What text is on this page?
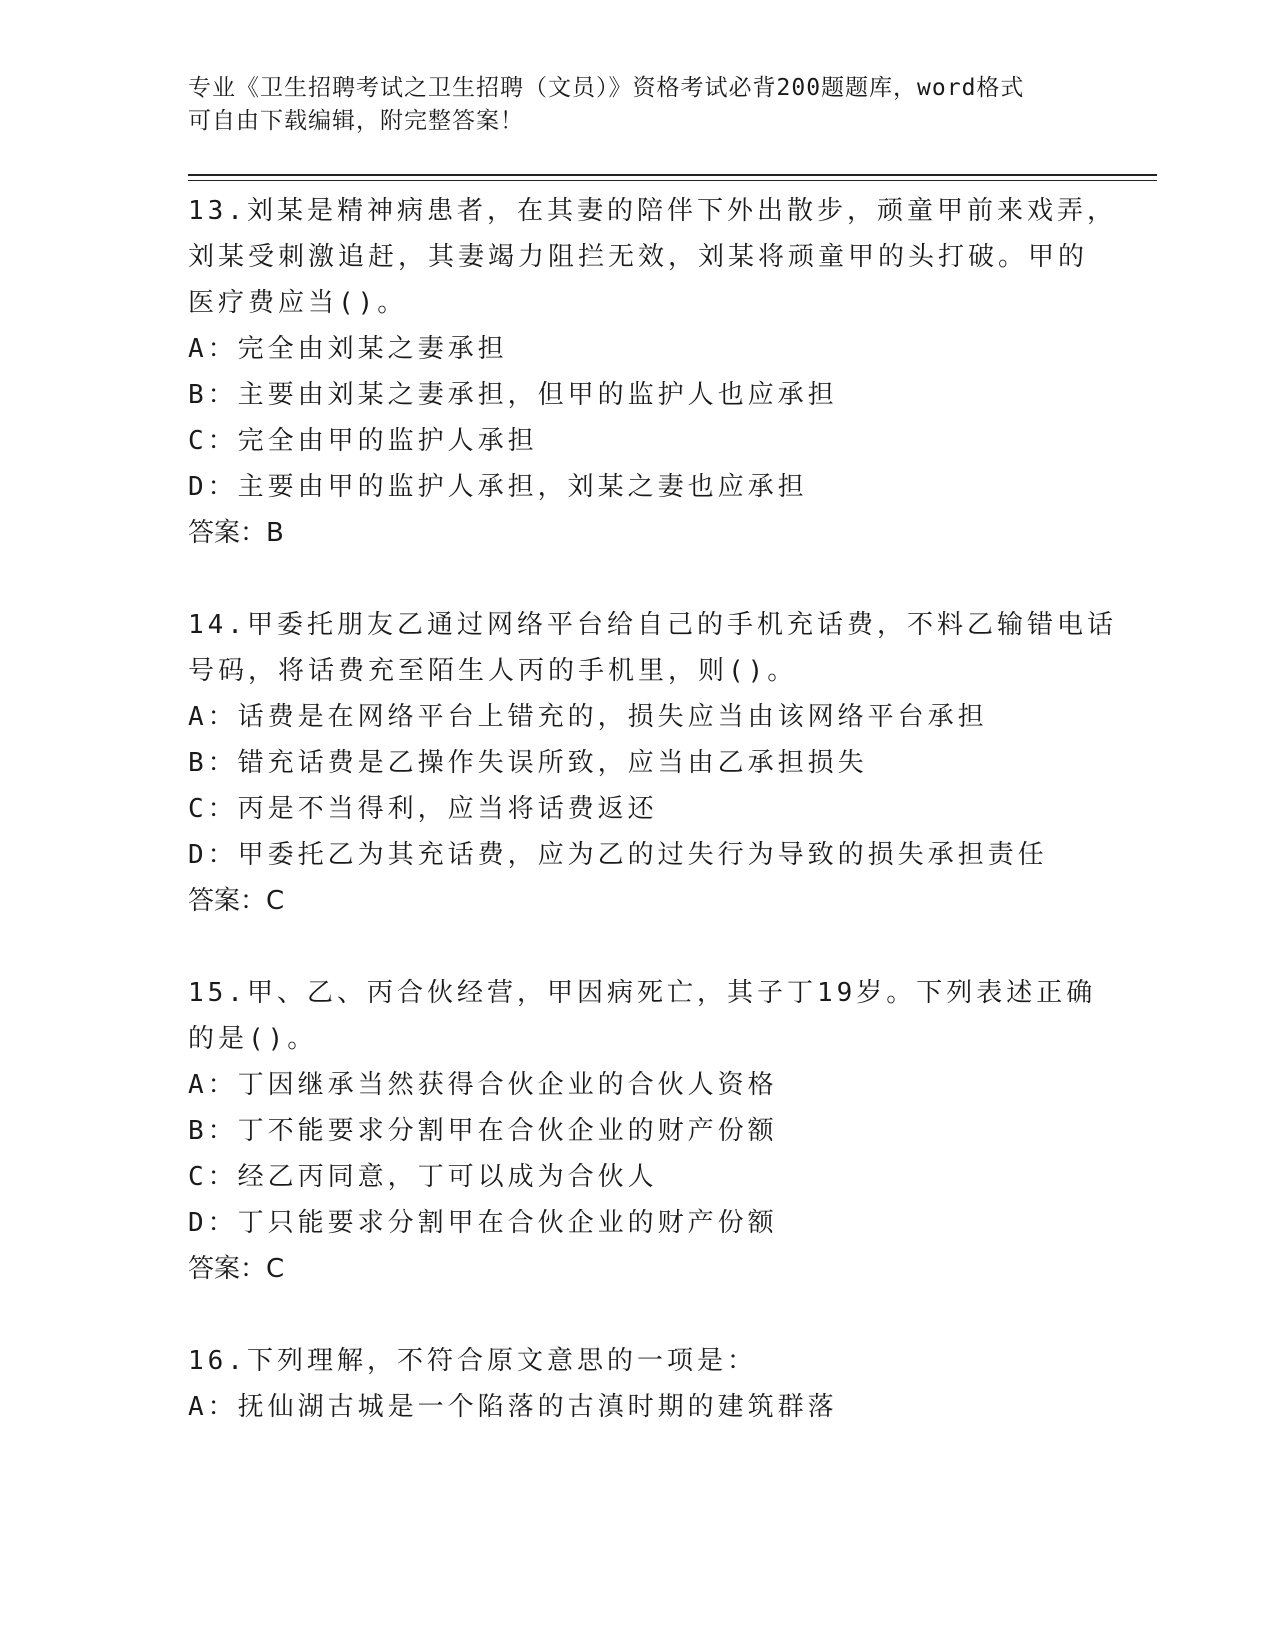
专业《卫生招聘考试之卫生招聘（文员）》资格考试必背200题题库，word格式
可自由下载编辑，附完整答案！
13.刘某是精神病患者，在其妻的陪伴下外出散步，顽童甲前来戏弄，
刘某受刺激追赶，其妻竭力阻拦无效，刘某将顽童甲的头打破。甲的
医疗费应当()。
A：完全由刘某之妻承担
B：主要由刘某之妻承担，但甲的监护人也应承担
C：完全由甲的监护人承担
D：主要由甲的监护人承担，刘某之妻也应承担
答案：B
14.甲委托朋友乙通过网络平台给自己的手机充话费，不料乙输错电话
号码，将话费充至陌生人丙的手机里，则()。
A：话费是在网络平台上错充的，损失应当由该网络平台承担
B：错充话费是乙操作失误所致，应当由乙承担损失
C：丙是不当得利，应当将话费返还
D：甲委托乙为其充话费，应为乙的过失行为导致的损失承担责任
答案：C
15.甲、乙、丙合伙经营，甲因病死亡，其子丁19岁。下列表述正确
的是()。
A：丁因继承当然获得合伙企业的合伙人资格
B：丁不能要求分割甲在合伙企业的财产份额
C：经乙丙同意，丁可以成为合伙人
D：丁只能要求分割甲在合伙企业的财产份额
答案：C
16.下列理解，不符合原文意思的一项是：
A：抚仙湖古城是一个陷落的古滇时期的建筑群落
